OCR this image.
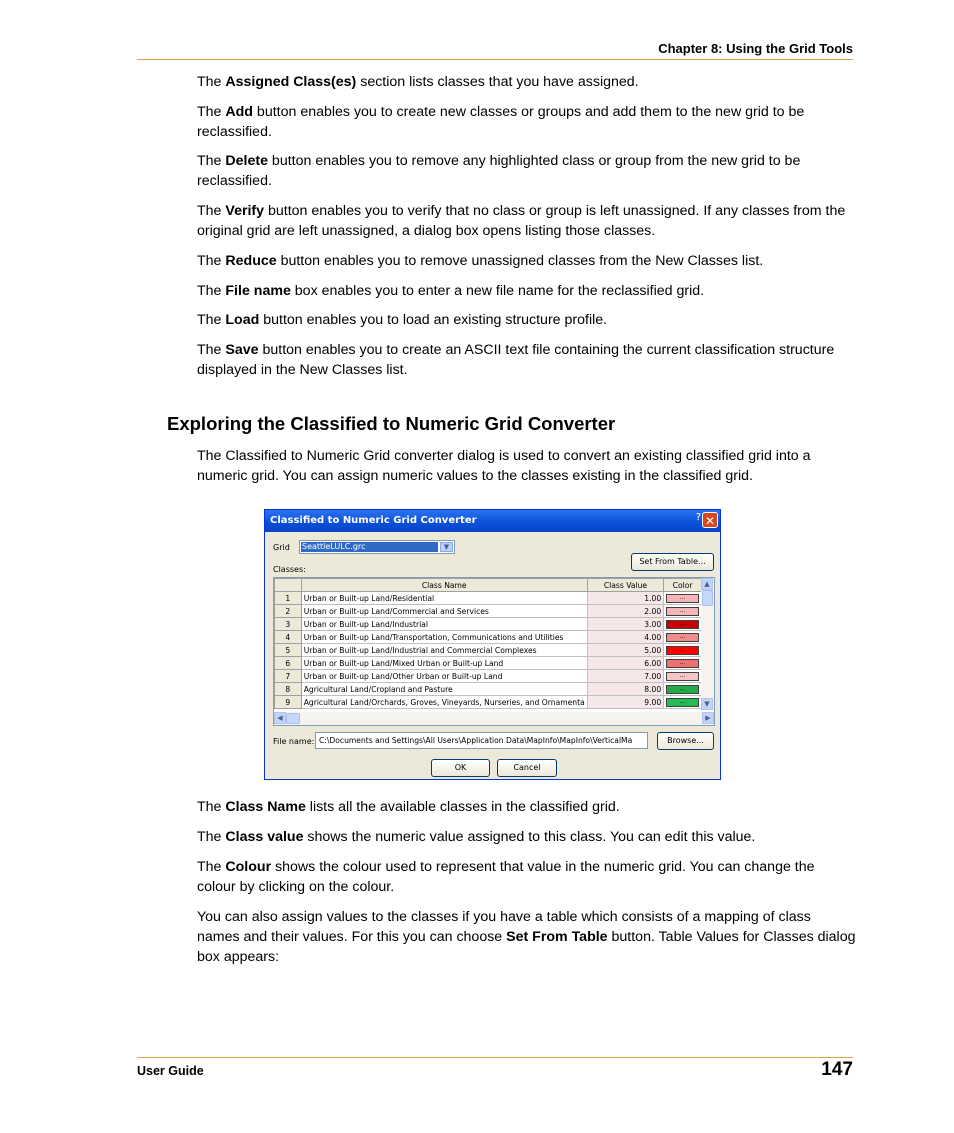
Chapter 8: Using the Grid Tools
The Assigned Class(es) section lists classes that you have assigned.
The Add button enables you to create new classes or groups and add them to the new grid to be reclassified.
The Delete button enables you to remove any highlighted class or group from the new grid to be reclassified.
The Verify button enables you to verify that no class or group is left unassigned. If any classes from the original grid are left unassigned, a dialog box opens listing those classes.
The Reduce button enables you to remove unassigned classes from the New Classes list.
The File name box enables you to enter a new file name for the reclassified grid.
The Load button enables you to load an existing structure profile.
The Save button enables you to create an ASCII text file containing the current classification structure displayed in the New Classes list.
Exploring the Classified to Numeric Grid Converter
The Classified to Numeric Grid converter dialog is used to convert an existing classified grid into a numeric grid. You can assign numeric values to the classes existing in the classified grid.
Classified to Numeric Grid Converter	? ✕
Grid SeattleLULC.grc	▼
Set From Table...
Classes:
	Class Name	Class Value	Color
1	Urban or Built-up Land/Residential	1.00	...

2	Urban or Built-up Land/Commercial and Services	2.00	...

3	Urban or Built-up Land/Industrial	3.00	...

4	Urban or Built-up Land/Transportation, Communications and Utilities	4.00	...

5	Urban or Built-up Land/Industrial and Commercial Complexes	5.00	...

6	Urban or Built-up Land/Mixed Urban or Built-up Land	6.00	...

7	Urban or Built-up Land/Other Urban or Built-up Land	7.00	...

8	Agricultural Land/Cropland and Pasture	8.00	...

9	Agricultural Land/Orchards, Groves, Vineyards, Nurseries, and Ornamenta	9.00	...
▲
▼
◀	▶
File name: C:\Documents and Settings\All Users\Application Data\MapInfo\MapInfo\VerticalMa	Browse...
OK	Cancel
The Class Name lists all the available classes in the classified grid.
The Class value shows the numeric value assigned to this class. You can edit this value.
The Colour shows the colour used to represent that value in the numeric grid. You can change the colour by clicking on the colour.
You can also assign values to the classes if you have a table which consists of a mapping of class names and their values. For this you can choose Set From Table button. Table Values for Classes dialog box appears:
User Guide	147
